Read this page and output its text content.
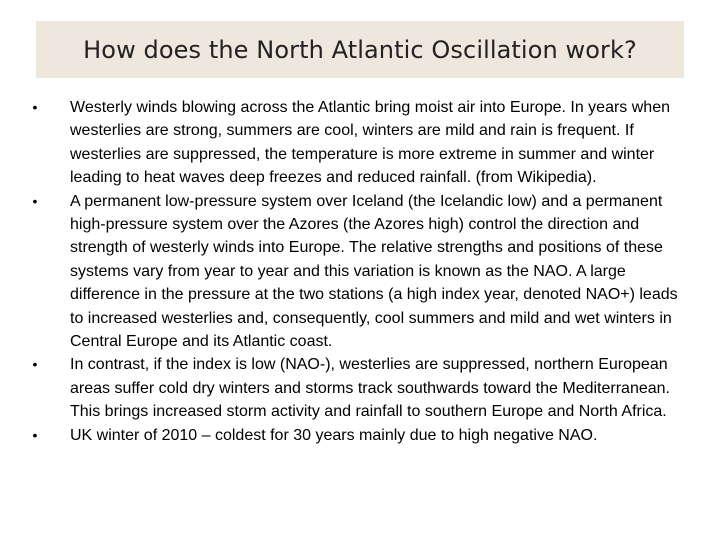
How does the North Atlantic Oscillation work?
• Westerly winds blowing across the Atlantic bring moist air into Europe. In years when westerlies are strong, summers are cool, winters are mild and rain is frequent. If westerlies are suppressed, the temperature is more extreme in summer and winter leading to heat waves deep freezes and reduced rainfall. (from Wikipedia).
• A permanent low-pressure system over Iceland (the Icelandic low) and a permanent high-pressure system over the Azores (the Azores high) control the direction and strength of westerly winds into Europe. The relative strengths and positions of these systems vary from year to year and this variation is known as the NAO. A large difference in the pressure at the two stations (a high index year, denoted NAO+) leads to increased westerlies and, consequently, cool summers and mild and wet winters in Central Europe and its Atlantic coast.
• In contrast, if the index is low (NAO-), westerlies are suppressed, northern European areas suffer cold dry winters and storms track southwards toward the Mediterranean. This brings increased storm activity and rainfall to southern Europe and North Africa.
• UK winter of 2010 – coldest for 30 years mainly due to high negative NAO.
